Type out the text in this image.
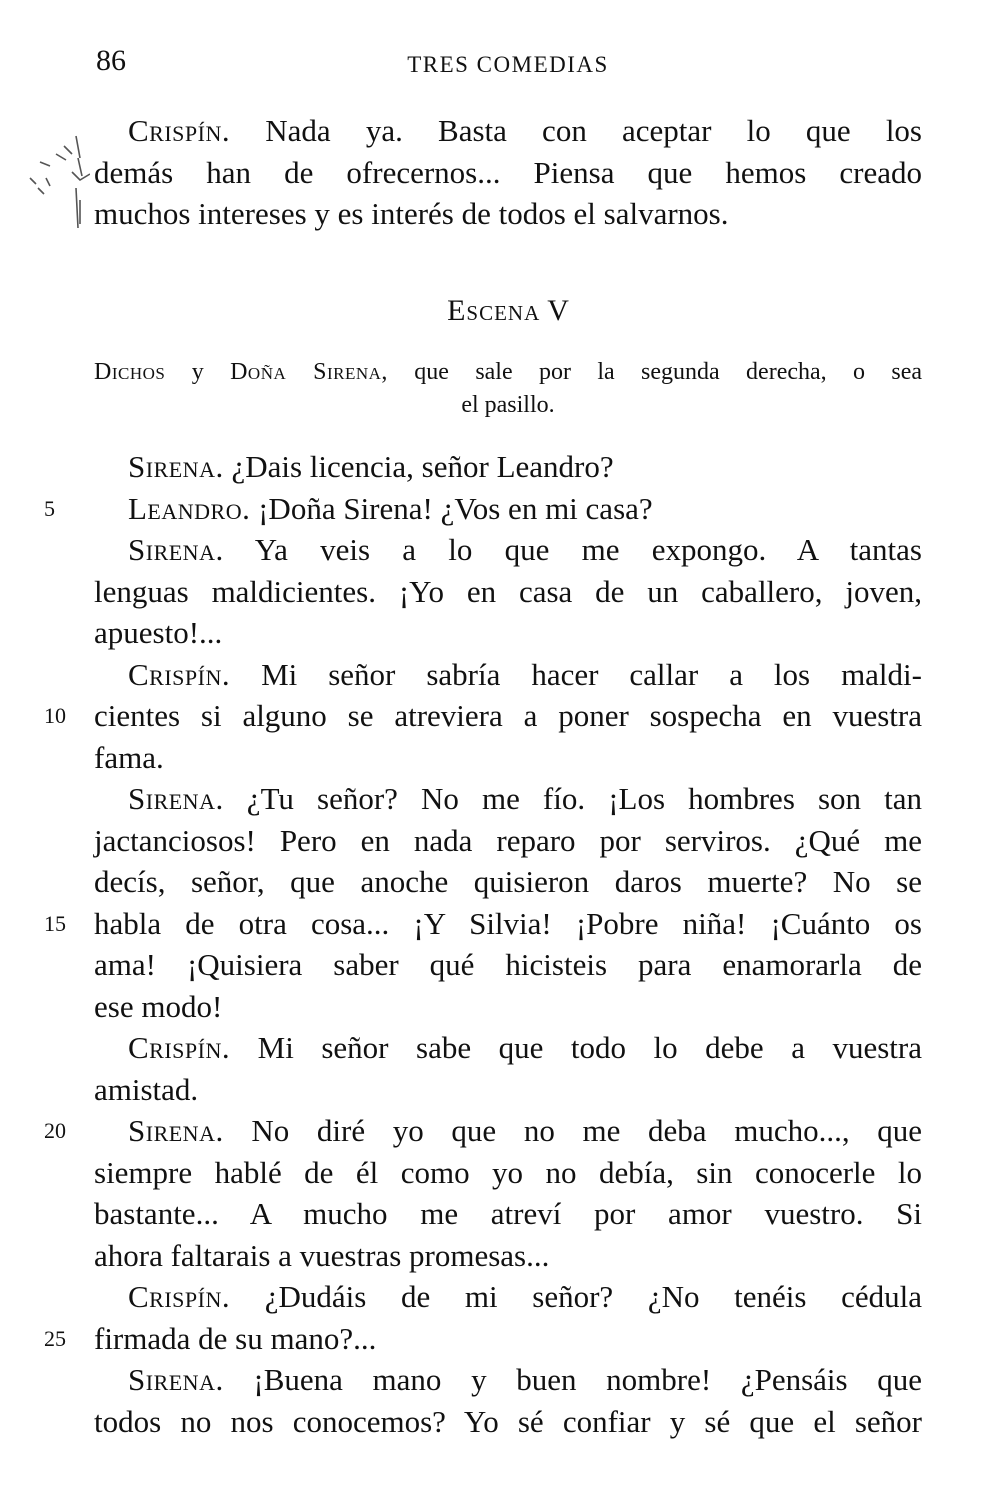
86	TRES COMEDIAS
Crispín. Nada ya. Basta con aceptar lo que los
demás han de ofrecernos... Piensa que hemos creado
muchos intereses y es interés de todos el salvarnos.
Escena V
Dichos y Doña Sirena, que sale por la segunda derecha, o sea
el pasillo.
Sirena. ¿Dais licencia, señor Leandro?
5	Leandro. ¡Doña Sirena! ¿Vos en mi casa?
Sirena. Ya veis a lo que me expongo. A tantas
lenguas maldicientes. ¡Yo en casa de un caballero, joven,
apuesto!...
Crispín. Mi señor sabría hacer callar a los maldi-
10 cientes si alguno se atreviera a poner sospecha en vuestra
fama.
Sirena. ¿Tu señor? No me fío. ¡Los hombres son tan
jactanciosos! Pero en nada reparo por serviros. ¿Qué me
decís, señor, que anoche quisieron daros muerte? No se
15 habla de otra cosa... ¡Y Silvia! ¡Pobre niña! ¡Cuánto os
ama! ¡Quisiera saber qué hicisteis para enamorarla de
ese modo!
Crispín. Mi señor sabe que todo lo debe a vuestra
amistad.
20	Sirena. No diré yo que no me deba mucho..., que
siempre hablé de él como yo no debía, sin conocerle lo
bastante... A mucho me atreví por amor vuestro. Si
ahora faltarais a vuestras promesas...
Crispín. ¿Dudáis de mi señor? ¿No tenéis cédula
25 firmada de su mano?...
Sirena. ¡Buena mano y buen nombre! ¿Pensáis que
todos no nos conocemos? Yo sé confiar y sé que el señor
